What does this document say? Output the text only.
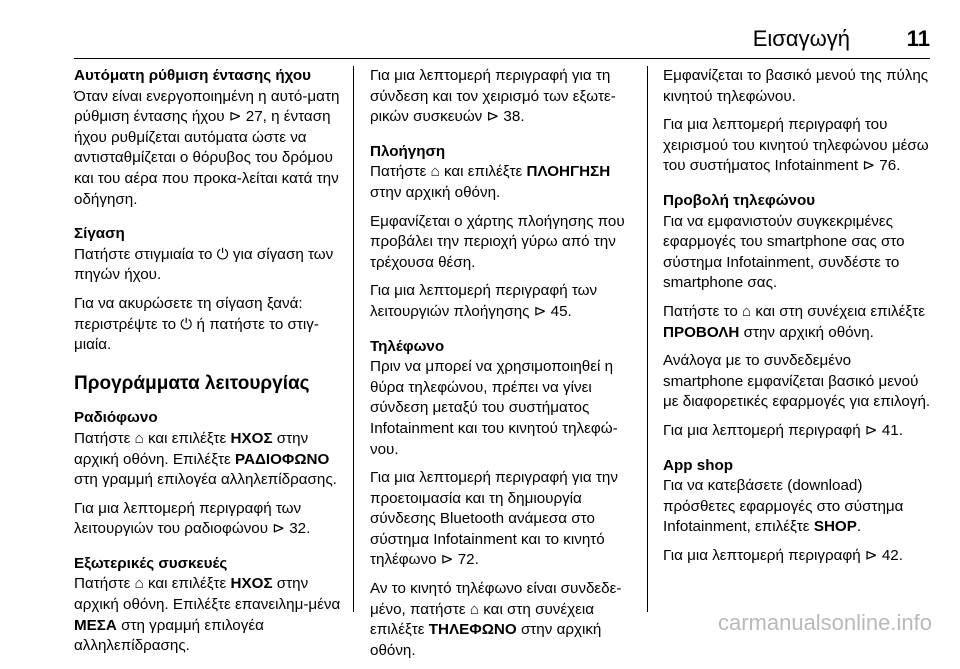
Εισαγωγή	11
Αυτόματη ρύθμιση έντασης ήχου

Όταν είναι ενεργοποιημένη η αυτό-ματη ρύθμιση έντασης ήχου ⊳ 27, η ένταση ήχου ρυθμίζεται αυτόματα ώστε να αντισταθμίζεται ο θόρυβος του δρόμου και του αέρα που προκα-λείται κατά την οδήγηση.

Σίγαση

Πατήστε στιγμιαία το ⏻ για σίγαση των πηγών ήχου.

Για να ακυρώσετε τη σίγαση ξανά: περιστρέψτε το ⏻ ή πατήστε το στιγ-μιαία.

Προγράμματα λειτουργίας
Ραδιόφωνο

Πατήστε ⌂ και επιλέξτε ΗΧΟΣ στην αρχική οθόνη. Επιλέξτε ΡΑΔΙΟΦΩΝΟ στη γραμμή επιλογέα αλληλεπίδρασης.

Για μια λεπτομερή περιγραφή των λειτουργιών του ραδιοφώνου ⊳ 32.

Εξωτερικές συσκευές

Πατήστε ⌂ και επιλέξτε ΗΧΟΣ στην αρχική οθόνη. Επιλέξτε επανειλημ-μένα ΜΕΣΑ στη γραμμή επιλογέα αλληλεπίδρασης.

Για μια λεπτομερή περιγραφή για τη σύνδεση και τον χειρισμό των εξωτε-ρικών συσκευών ⊳ 38.

Πλοήγηση

Πατήστε ⌂ και επιλέξτε ΠΛΟΗΓΗΣΗ στην αρχική οθόνη.

Εμφανίζεται ο χάρτης πλοήγησης που προβάλει την περιοχή γύρω από την τρέχουσα θέση.

Για μια λεπτομερή περιγραφή των λειτουργιών πλοήγησης ⊳ 45.

Τηλέφωνο

Πριν να μπορεί να χρησιμοποιηθεί η θύρα τηλεφώνου, πρέπει να γίνει σύνδεση μεταξύ του συστήματος Infotainment και του κινητού τηλεφώ-νου.

Για μια λεπτομερή περιγραφή για την προετοιμασία και τη δημιουργία σύνδεσης Bluetooth ανάμεσα στο σύστημα Infotainment και το κινητό τηλέφωνο ⊳ 72.

Αν το κινητό τηλέφωνο είναι συνδεδε-μένο, πατήστε ⌂ και στη συνέχεια επιλέξτε ΤΗΛΕΦΩΝΟ στην αρχική οθόνη.

Εμφανίζεται το βασικό μενού της πύλης κινητού τηλεφώνου.

Για μια λεπτομερή περιγραφή του χειρισμού του κινητού τηλεφώνου μέσω του συστήματος Infotainment ⊳ 76.

Προβολή τηλεφώνου

Για να εμφανιστούν συγκεκριμένες εφαρμογές του smartphone σας στο σύστημα Infotainment, συνδέστε το smartphone σας.

Πατήστε το ⌂ και στη συνέχεια επιλέξτε ΠΡΟΒΟΛΗ στην αρχική οθόνη.

Ανάλογα με το συνδεδεμένο smartphone εμφανίζεται βασικό μενού με διαφορετικές εφαρμογές για επιλογή.

Για μια λεπτομερή περιγραφή ⊳ 41.

App shop

Για να κατεβάσετε (download) πρόσθετες εφαρμογές στο σύστημα Infotainment, επιλέξτε SHOP.

Για μια λεπτομερή περιγραφή ⊳ 42.

carmanualsonline.info
